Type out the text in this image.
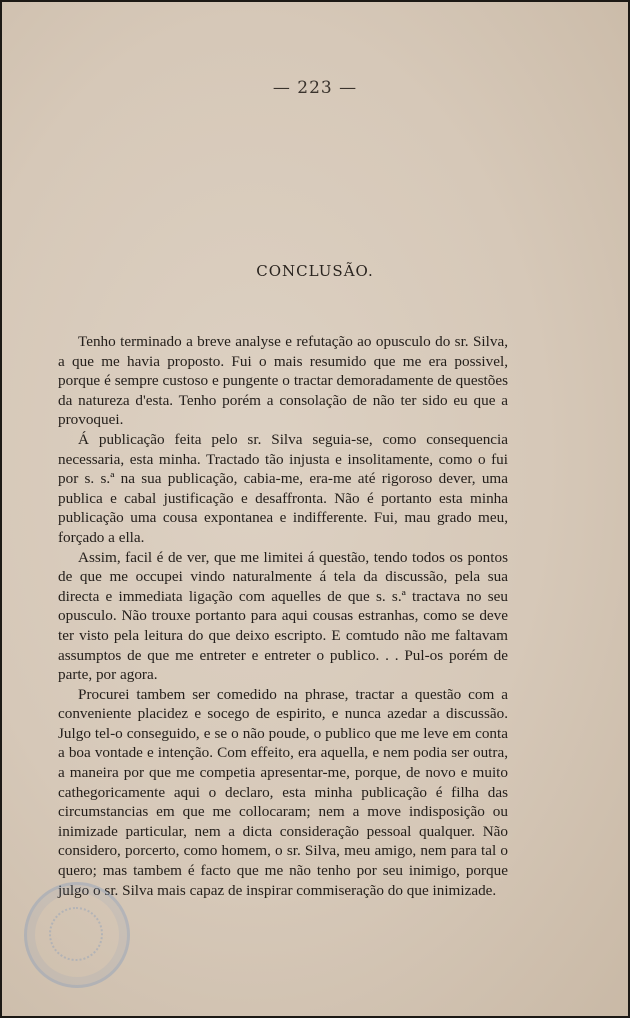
— 223 —
CONCLUSÃO.

Tenho terminado a breve analyse e refutação ao opusculo do sr. Silva, a que me havia proposto. Fui o mais resumido que me era possivel, porque é sempre custoso e pungente o tractar demoradamente de questões da natureza d'esta. Tenho porém a consolação de não ter sido eu que a provoquei.

Á publicação feita pelo sr. Silva seguia-se, como consequencia necessaria, esta minha. Tractado tão injusta e insolitamente, como o fui por s. s.ª na sua publicação, cabia-me, era-me até rigoroso dever, uma publica e cabal justificação e desaffronta. Não é portanto esta minha publicação uma cousa expontanea e indifferente. Fui, mau grado meu, forçado a ella.

Assim, facil é de ver, que me limitei á questão, tendo todos os pontos de que me occupei vindo naturalmente á tela da discussão, pela sua directa e immediata ligação com aquelles de que s. s.ª tractava no seu opusculo. Não trouxe portanto para aqui cousas estranhas, como se deve ter visto pela leitura do que deixo escripto. E comtudo não me faltavam assumptos de que me entreter e entreter o publico. . . Pul-os porém de parte, por agora.

Procurei tambem ser comedido na phrase, tractar a questão com a conveniente placidez e socego de espirito, e nunca azedar a discussão. Julgo tel-o conseguido, e se o não poude, o publico que me leve em conta a boa vontade e intenção. Com effeito, era aquella, e nem podia ser outra, a maneira por que me competia apresentar-me, porque, de novo e muito cathegoricamente aqui o declaro, esta minha publicação é filha das circumstancias em que me collocaram; nem a move indisposição ou inimizade particular, nem a dicta consideração pessoal qualquer. Não considero, porcerto, como homem, o sr. Silva, meu amigo, nem para tal o quero; mas tambem é facto que me não tenho por seu inimigo, porque julgo o sr. Silva mais capaz de inspirar commiseração do que inimizade.
